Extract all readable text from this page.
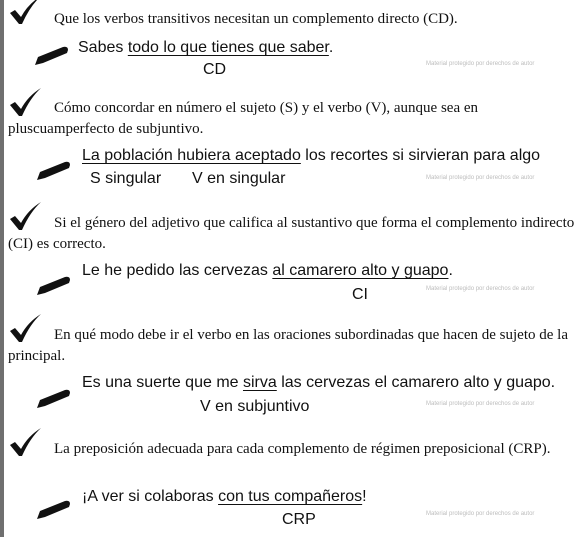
Que los verbos transitivos necesitan un complemento directo (CD).
Sabes todo lo que tienes que saber.
CD	Material protegido por derechos de autor
Cómo concordar en número el sujeto (S) y el verbo (V), aunque sea en pluscuamperfecto de subjuntivo.
La población hubiera aceptado los recortes si sirvieran para algo
S singular V en singular	Material protegido por derechos de autor
Si el género del adjetivo que califica al sustantivo que forma el complemento indirecto (CI) es correcto.
Le he pedido las cervezas al camarero alto y guapo.
CI	Material protegido por derechos de autor
En qué modo debe ir el verbo en las oraciones subordinadas que hacen de sujeto de la principal.
Es una suerte que me sirva las cervezas el camarero alto y guapo.
V en subjuntivo	Material protegido por derechos de autor
La preposición adecuada para cada complemento de régimen preposicional (CRP).
¡A ver si colaboras con tus compañeros!
CRP	Material protegido por derechos de autor
